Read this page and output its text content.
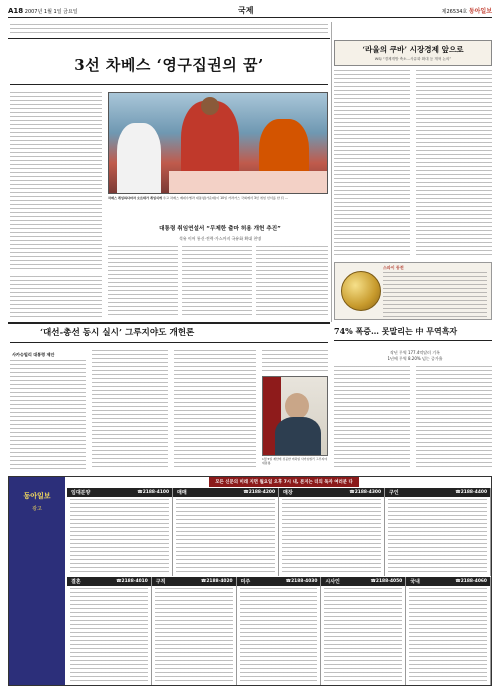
A18 2007년 1월 1일 금요일	국제	제26534호 동아일보
3선 차베스 ‘영구집권의 꿈’
차베스 취임하다마자 오르테가 취임식에 우고 차베스 베네수엘라 대통령(가운데)이 10일 카라카스 국회에서 3선 취임 선서를 한 뒤 ...
대통령 취임연설서 “무제한 출마 허용 개헌 추진”
석유 이어 통신·전력·가스까지 국유화 확대 천명
‘라울의 쿠바’ 시장경제 앞으로
WSJ “경제개방 축소…사유화 확대 등 개혁 논의”
스파이 동전
74% 폭증… 못말리는 中 무역흑자
작년 무역 177.4억달러 기록
1년에 무역 8.20% 넘는 증가율
‘대선-총선 동시 실시’ 그루지야도 개헌론
사카슈빌리 대통령 제안
1월 5일 재선에 성공한 미하일 사카슈빌리 그루지야 대통령.
동아일보
광고
모든 신문의 미래 지면 월요일 오후 7시 내, 본지는 더의 독자 여러분 다
임대분양	☎2188-4100 매매	☎2188-4200 매장	☎2188-4300 구인	☎2188-4400
결혼	☎2188-4010 구직	☎2188-4020 미주	☎2188-4030 시사인	☎2188-4050 국내	☎2188-4060
